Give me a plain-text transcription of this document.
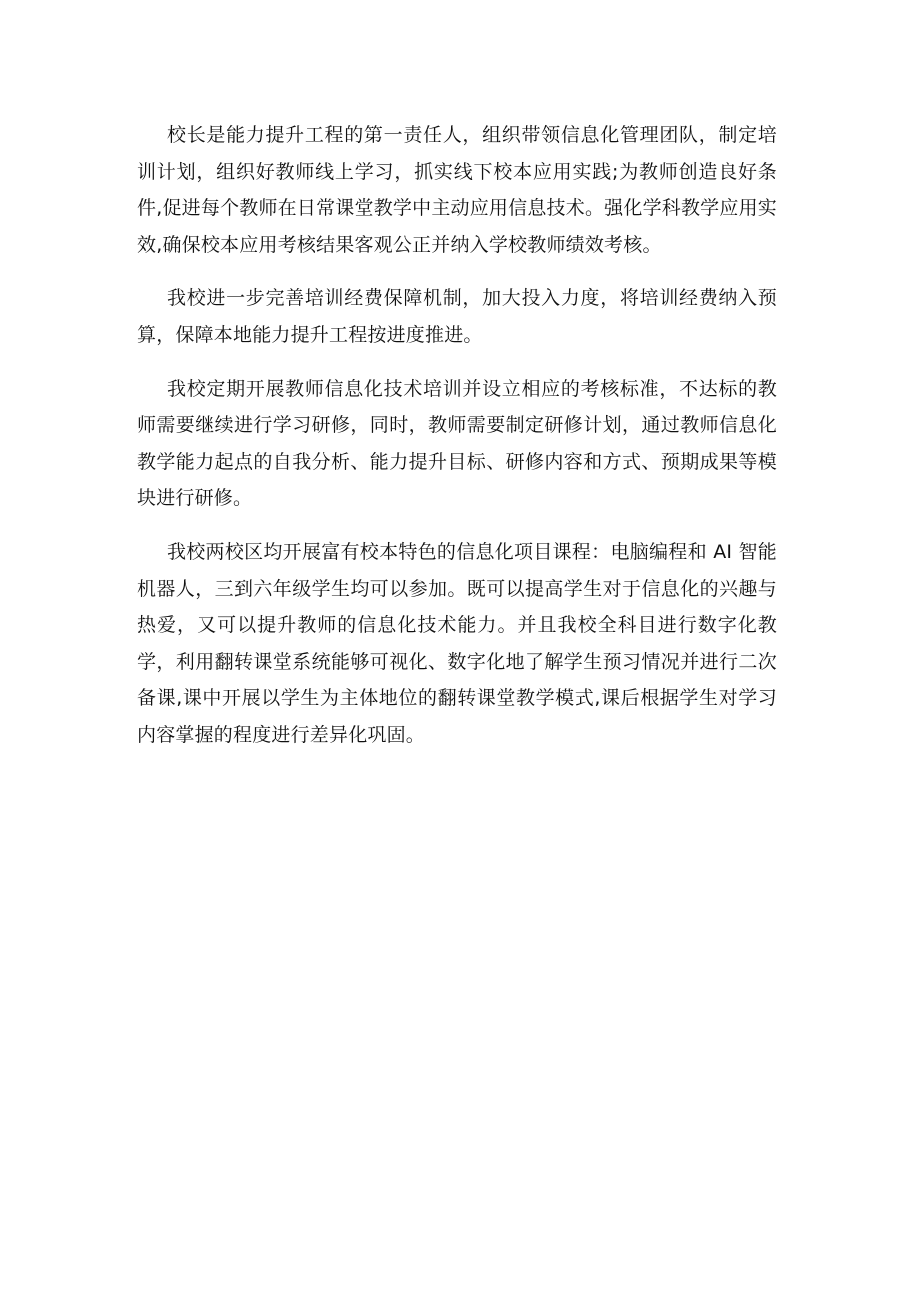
校长是能力提升工程的第一责任人，组织带领信息化管理团队，制定培训计划，组织好教师线上学习，抓实线下校本应用实践;为教师创造良好条件,促进每个教师在日常课堂教学中主动应用信息技术。强化学科教学应用实效,确保校本应用考核结果客观公正并纳入学校教师绩效考核。

我校进一步完善培训经费保障机制，加大投入力度，将培训经费纳入预算，保障本地能力提升工程按进度推进。

我校定期开展教师信息化技术培训并设立相应的考核标准，不达标的教师需要继续进行学习研修，同时，教师需要制定研修计划，通过教师信息化教学能力起点的自我分析、能力提升目标、研修内容和方式、预期成果等模块进行研修。

我校两校区均开展富有校本特色的信息化项目课程：电脑编程和 AI 智能机器人，三到六年级学生均可以参加。既可以提高学生对于信息化的兴趣与热爱，又可以提升教师的信息化技术能力。并且我校全科目进行数字化教学，利用翻转课堂系统能够可视化、数字化地了解学生预习情况并进行二次备课,课中开展以学生为主体地位的翻转课堂教学模式,课后根据学生对学习内容掌握的程度进行差异化巩固。
